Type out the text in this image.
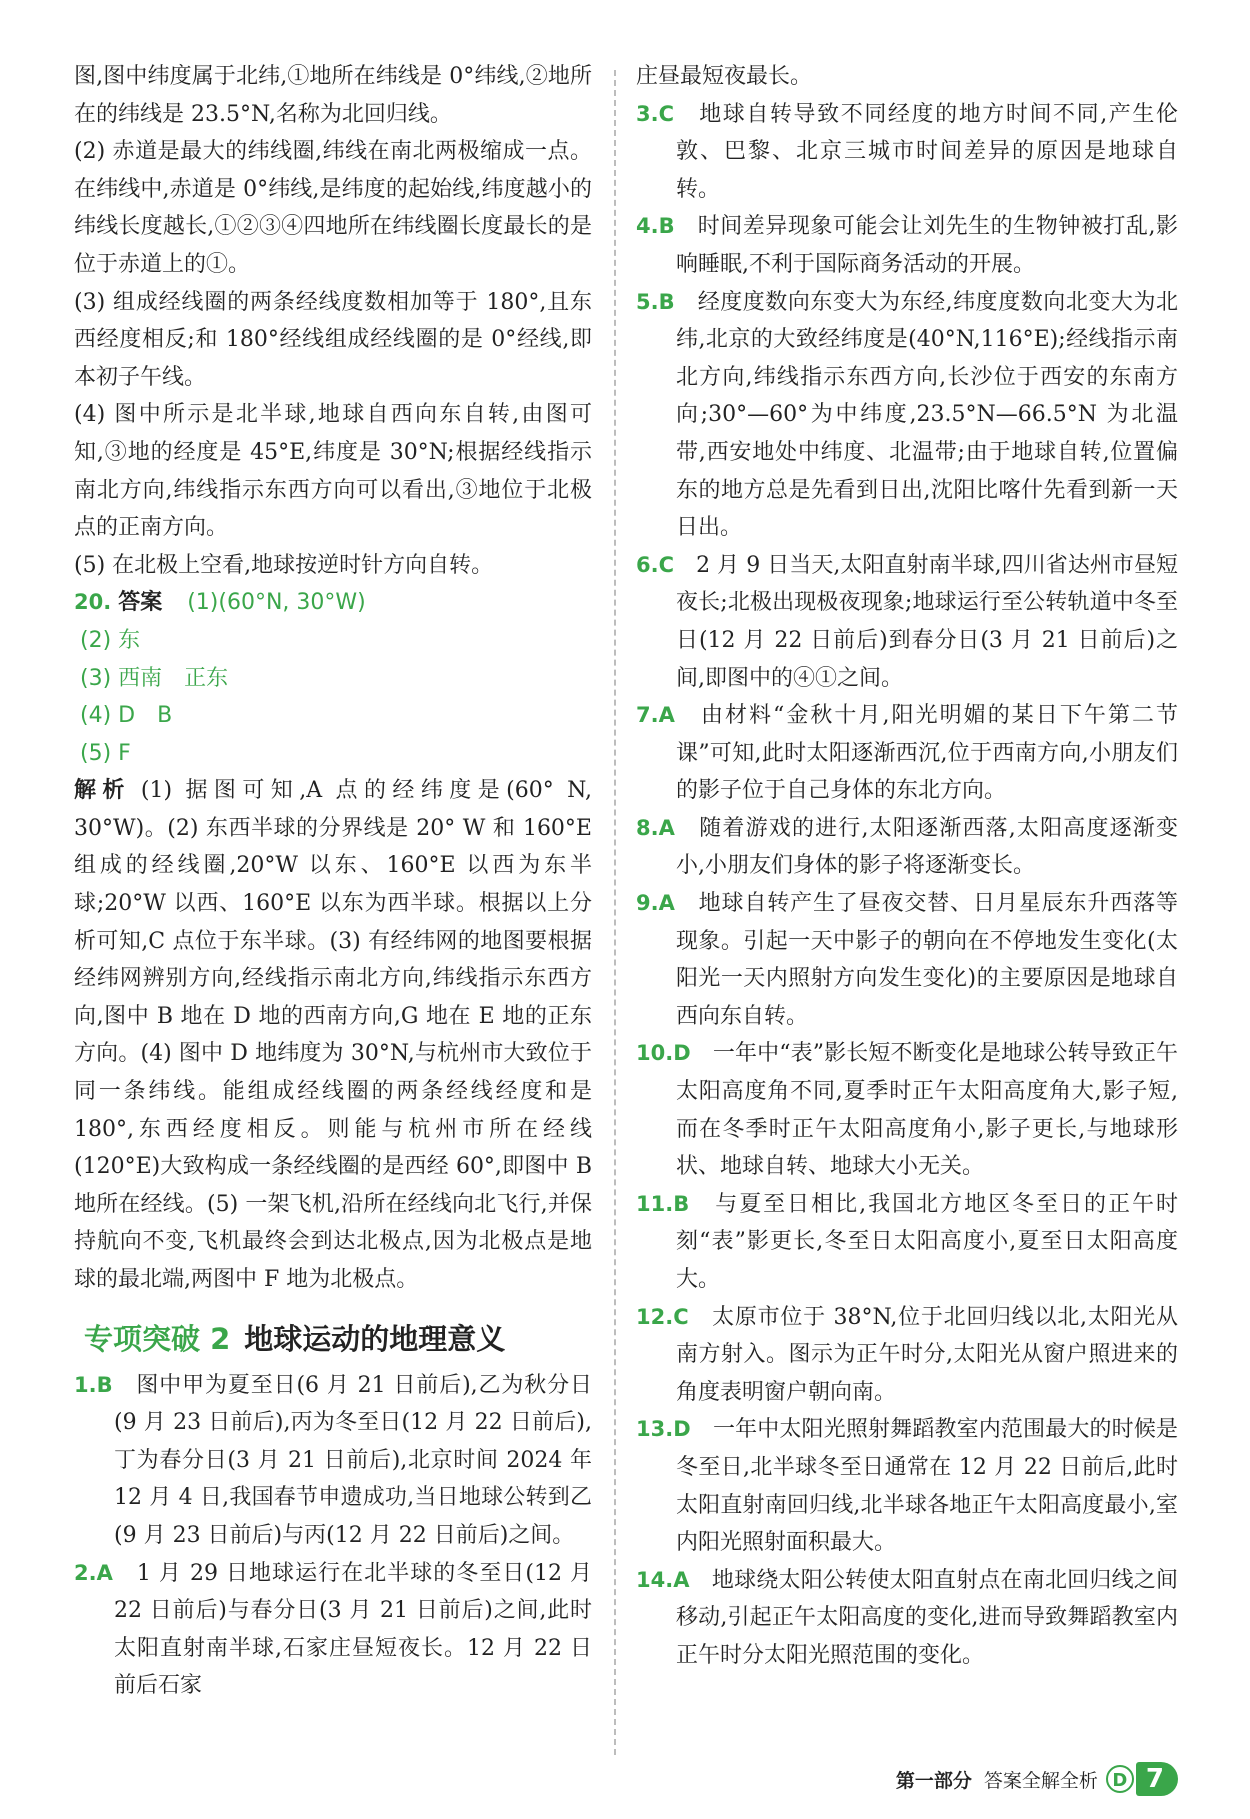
图,图中纬度属于北纬,①地所在纬线是 0°纬线,②地所在的纬线是 23.5°N,名称为北回归线。

(2) 赤道是最大的纬线圈,纬线在南北两极缩成一点。在纬线中,赤道是 0°纬线,是纬度的起始线,纬度越小的纬线长度越长,①②③④四地所在纬线圈长度最长的是位于赤道上的①。

(3) 组成经线圈的两条经线度数相加等于 180°,且东西经度相反;和 180°经线组成经线圈的是 0°经线,即本初子午线。

(4) 图中所示是北半球,地球自西向东自转,由图可知,③地的经度是 45°E,纬度是 30°N;根据经线指示南北方向,纬线指示东西方向可以看出,③地位于北极点的正南方向。

(5) 在北极上空看,地球按逆时针方向自转。

20. 答案 (1)(60°N, 30°W)
(2) 东
(3) 西南　正东
(4) D　B
(5) F

解析 (1) 据图可知,A 点的经纬度是(60° N, 30°W)。(2) 东西半球的分界线是 20° W 和 160°E组成的经线圈,20°W 以东、160°E 以西为东半球;20°W 以西、160°E 以东为西半球。根据以上分析可知,C 点位于东半球。(3) 有经纬网的地图要根据经纬网辨别方向,经线指示南北方向,纬线指示东西方向,图中 B 地在 D 地的西南方向,G 地在 E 地的正东方向。(4) 图中 D 地纬度为 30°N,与杭州市大致位于同一条纬线。能组成经线圈的两条经线经度和是 180°,东西经度相反。则能与杭州市所在经线(120°E)大致构成一条经线圈的是西经 60°,即图中 B 地所在经线。(5) 一架飞机,沿所在经线向北飞行,并保持航向不变,飞机最终会到达北极点,因为北极点是地球的最北端,两图中 F 地为北极点。

专项突破 2 地球运动的地理意义

1.B　 图中甲为夏至日(6 月 21 日前后),乙为秋分日(9 月 23 日前后),丙为冬至日(12 月 22 日前后),丁为春分日(3 月 21 日前后),北京时间 2024 年 12 月 4 日,我国春节申遗成功,当日地球公转到乙(9 月 23 日前后)与丙(12 月 22 日前后)之间。

2.A　 1 月 29 日地球运行在北半球的冬至日(12 月 22 日前后)与春分日(3 月 21 日前后)之间,此时太阳直射南半球,石家庄昼短夜长。12 月 22 日前后石家

庄昼最短夜最长。

3.C　 地球自转导致不同经度的地方时间不同,产生伦敦、巴黎、北京三城市时间差异的原因是地球自转。

4.B　 时间差异现象可能会让刘先生的生物钟被打乱,影响睡眠,不利于国际商务活动的开展。

5.B　 经度度数向东变大为东经,纬度度数向北变大为北纬,北京的大致经纬度是(40°N,116°E);经线指示南北方向,纬线指示东西方向,长沙位于西安的东南方向;30°—60°为中纬度,23.5°N—66.5°N 为北温带,西安地处中纬度、北温带;由于地球自转,位置偏东的地方总是先看到日出,沈阳比喀什先看到新一天日出。

6.C　 2 月 9 日当天,太阳直射南半球,四川省达州市昼短夜长;北极出现极夜现象;地球运行至公转轨道中冬至日(12 月 22 日前后)到春分日(3 月 21 日前后)之间,即图中的④①之间。

7.A　 由材料“金秋十月,阳光明媚的某日下午第二节课”可知,此时太阳逐渐西沉,位于西南方向,小朋友们的影子位于自己身体的东北方向。

8.A　 随着游戏的进行,太阳逐渐西落,太阳高度逐渐变小,小朋友们身体的影子将逐渐变长。

9.A　 地球自转产生了昼夜交替、日月星辰东升西落等现象。引起一天中影子的朝向在不停地发生变化(太阳光一天内照射方向发生变化)的主要原因是地球自西向东自转。

10.D　 一年中“表”影长短不断变化是地球公转导致正午太阳高度角不同,夏季时正午太阳高度角大,影子短,而在冬季时正午太阳高度角小,影子更长,与地球形状、地球自转、地球大小无关。

11.B　 与夏至日相比,我国北方地区冬至日的正午时刻“表”影更长,冬至日太阳高度小,夏至日太阳高度大。

12.C　 太原市位于 38°N,位于北回归线以北,太阳光从南方射入。图示为正午时分,太阳光从窗户照进来的角度表明窗户朝向南。

13.D　 一年中太阳光照射舞蹈教室内范围最大的时候是冬至日,北半球冬至日通常在 12 月 22 日前后,此时太阳直射南回归线,北半球各地正午太阳高度最小,室内阳光照射面积最大。

14.A　 地球绕太阳公转使太阳直射点在南北回归线之间移动,引起正午太阳高度的变化,进而导致舞蹈教室内正午时分太阳光照范围的变化。

第一部分 答案全解全析 D 7
